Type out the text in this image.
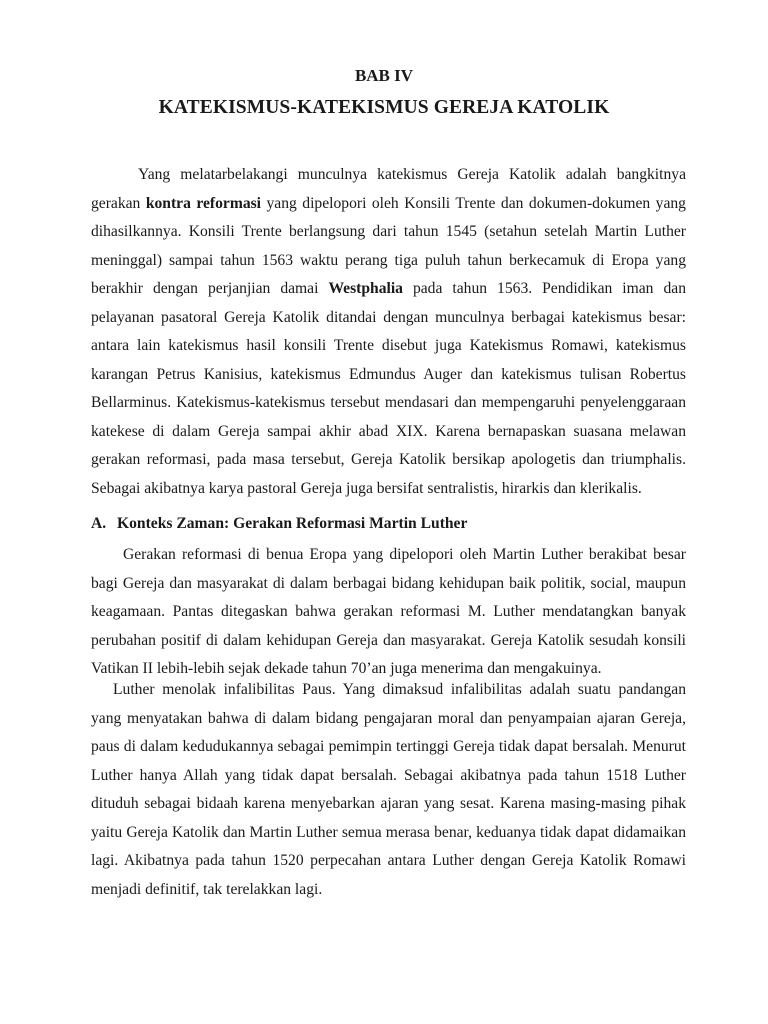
BAB IV
KATEKISMUS-KATEKISMUS GEREJA KATOLIK

Yang melatarbelakangi munculnya katekismus Gereja Katolik adalah bangkitnya gerakan kontra reformasi yang dipelopori oleh Konsili Trente dan dokumen-dokumen yang dihasilkannya. Konsili Trente berlangsung dari tahun 1545 (setahun setelah Martin Luther meninggal) sampai tahun 1563 waktu perang tiga puluh tahun berkecamuk di Eropa yang berakhir dengan perjanjian damai Westphalia pada tahun 1563. Pendidikan iman dan pelayanan pasatoral Gereja Katolik ditandai dengan munculnya berbagai katekismus besar: antara lain katekismus hasil konsili Trente disebut juga Katekismus Romawi, katekismus karangan Petrus Kanisius, katekismus Edmundus Auger dan katekismus tulisan Robertus Bellarminus. Katekismus-katekismus tersebut mendasari dan mempengaruhi penyelenggaraan katekese di dalam Gereja sampai akhir abad XIX. Karena bernapaskan suasana melawan gerakan reformasi, pada masa tersebut, Gereja Katolik bersikap apologetis dan triumphalis. Sebagai akibatnya karya pastoral Gereja juga bersifat sentralistis, hirarkis dan klerikalis.

A. Konteks Zaman: Gerakan Reformasi Martin Luther

Gerakan reformasi di benua Eropa yang dipelopori oleh Martin Luther berakibat besar bagi Gereja dan masyarakat di dalam berbagai bidang kehidupan baik politik, social, maupun keagamaan. Pantas ditegaskan bahwa gerakan reformasi M. Luther mendatangkan banyak perubahan positif di dalam kehidupan Gereja dan masyarakat. Gereja Katolik sesudah konsili Vatikan II lebih-lebih sejak dekade tahun 70’an juga menerima dan mengakuinya.

Luther menolak infalibilitas Paus. Yang dimaksud infalibilitas adalah suatu pandangan yang menyatakan bahwa di dalam bidang pengajaran moral dan penyampaian ajaran Gereja, paus di dalam kedudukannya sebagai pemimpin tertinggi Gereja tidak dapat bersalah. Menurut Luther hanya Allah yang tidak dapat bersalah. Sebagai akibatnya pada tahun 1518 Luther dituduh sebagai bidaah karena menyebarkan ajaran yang sesat. Karena masing-masing pihak yaitu Gereja Katolik dan Martin Luther semua merasa benar, keduanya tidak dapat didamaikan lagi. Akibatnya pada tahun 1520 perpecahan antara Luther dengan Gereja Katolik Romawi menjadi definitif, tak terelakkan lagi.
